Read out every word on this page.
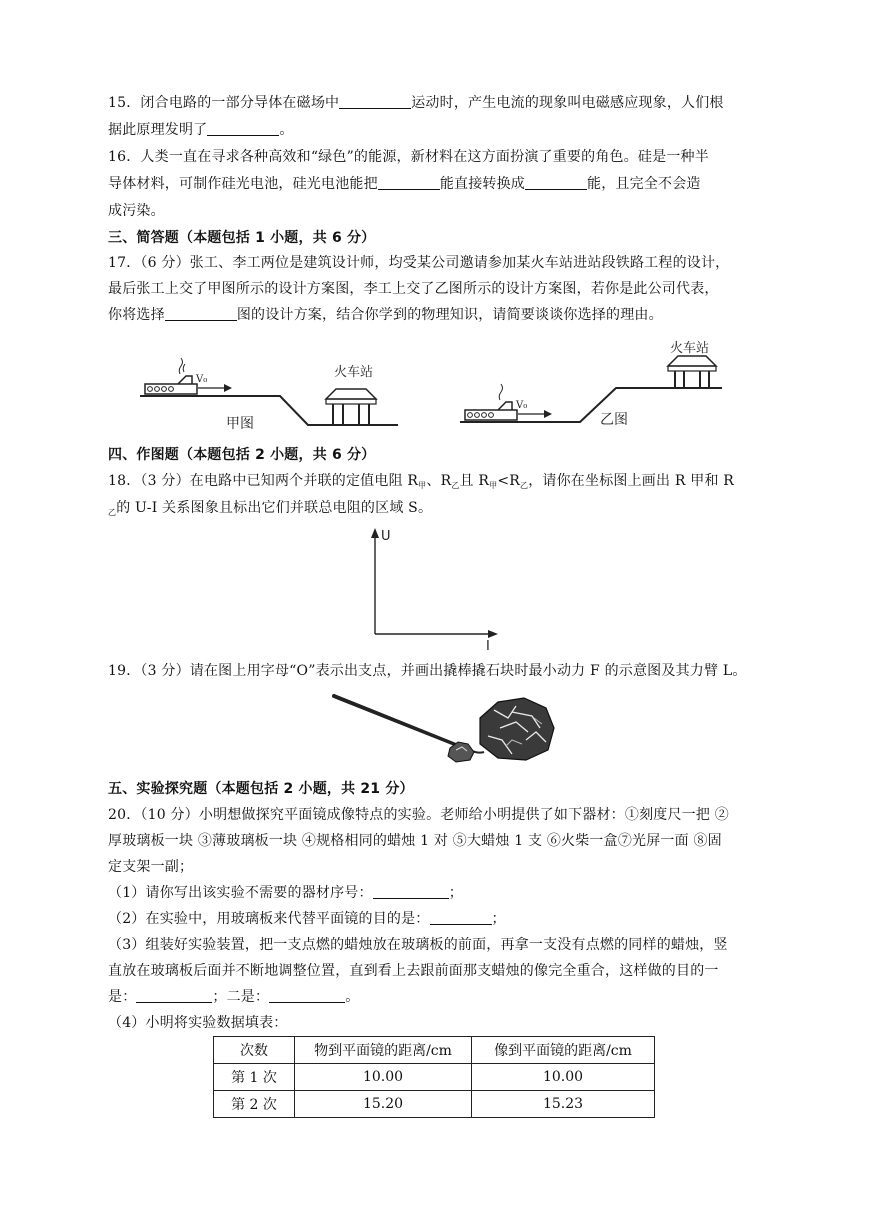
15．闭合电路的一部分导体在磁场中	运动时，产生电流的现象叫电磁感应现象，人们根
据此原理发明了	。
16．人类一直在寻求各种高效和“绿色”的能源，新材料在这方面扮演了重要的角色。硅是一种半
导体材料，可制作硅光电池，硅光电池能把	能直接转换成	能，且完全不会造
成污染。
三、简答题（本题包括 1 小题，共 6 分）
17．（6 分）张工、李工两位是建筑设计师，均受某公司邀请参加某火车站进站段铁路工程的设计，
最后张工上交了甲图所示的设计方案图，李工上交了乙图所示的设计方案图，若你是此公司代表，
你将选择	图的设计方案，结合你学到的物理知识，请简要谈谈你选择的理由。
V₀
甲图
火车站
V₀
乙图
火车站
四、作图题（本题包括 2 小题，共 6 分）
18．（3 分）在电路中已知两个并联的定值电阻 $R_甲$、$R_乙$且 $R_甲<R_乙$，请你在坐标图上画出 R 甲和 R
$_乙$的 U-I 关系图象且标出它们并联总电阻的区域 S。
U
I
19．（3 分）请在图上用字母“O”表示出支点，并画出撬棒撬石块时最小动力 F 的示意图及其力臂 L。
五、实验探究题（本题包括 2 小题，共 21 分）
20．（10 分）小明想做探究平面镜成像特点的实验。老师给小明提供了如下器材：①刻度尺一把 ②
厚玻璃板一块 ③薄玻璃板一块 ④规格相同的蜡烛 1 对 ⑤大蜡烛 1 支 ⑥火柴一盒⑦光屏一面 ⑧固
定支架一副；
（1）请你写出该实验不需要的器材序号：	；
（2）在实验中，用玻璃板来代替平面镜的目的是：	；
（3）组装好实验装置，把一支点燃的蜡烛放在玻璃板的前面，再拿一支没有点燃的同样的蜡烛，竖
直放在玻璃板后面并不断地调整位置，直到看上去跟前面那支蜡烛的像完全重合，这样做的目的一
是：	；二是：	。
（4）小明将实验数据填表：
次数	物到平面镜的距离/cm	像到平面镜的距离/cm
第 1 次	10.00	10.00
第 2 次	15.20	15.23
